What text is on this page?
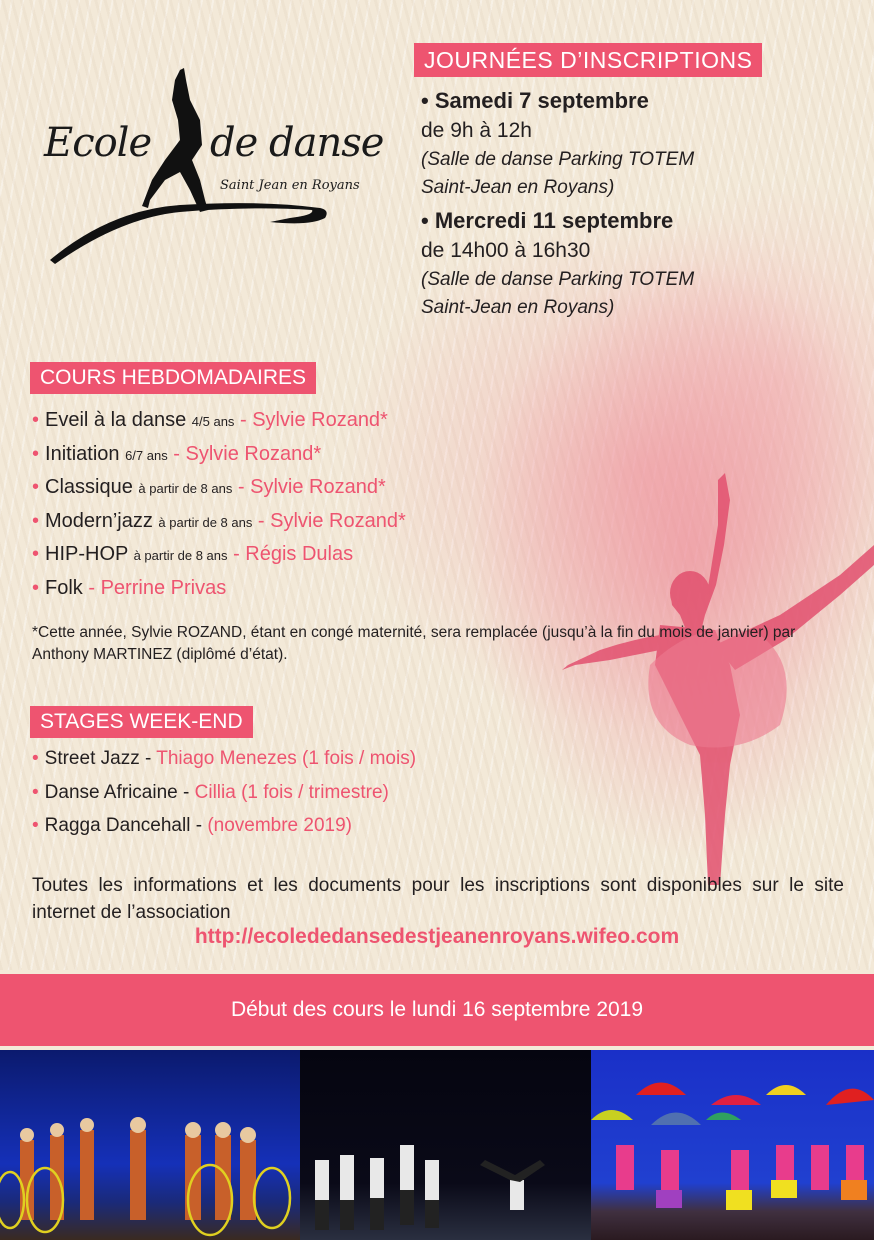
Ecole de danse
Saint Jean en Royans
JOURNÉES D’INSCRIPTIONS
• Samedi 7 septembre
de 9h à 12h
(Salle de danse Parking TOTEM
Saint-Jean en Royans)
• Mercredi 11 septembre
de 14h00 à 16h30
(Salle de danse Parking TOTEM
Saint-Jean en Royans)
COURS HEBDOMADAIRES
• Eveil à la danse 4/5 ans - Sylvie Rozand*
• Initiation 6/7 ans - Sylvie Rozand*
• Classique à partir de 8 ans - Sylvie Rozand*
• Modern’jazz à partir de 8 ans - Sylvie Rozand*
• HIP-HOP à partir de 8 ans - Régis Dulas
• Folk - Perrine Privas
*Cette année, Sylvie ROZAND, étant en congé maternité, sera remplacée (jusqu’à la fin du mois de janvier) par Anthony MARTINEZ (diplômé d’état).
STAGES WEEK-END
• Street Jazz - Thiago Menezes (1 fois / mois)
• Danse Africaine - Cillia (1 fois / trimestre)
• Ragga Dancehall - (novembre 2019)
Toutes les informations et les documents pour les inscriptions sont disponibles sur le site internet de l’association
http://ecolededansedestjeanenroyans.wifeo.com
Début des cours le lundi 16 septembre 2019
